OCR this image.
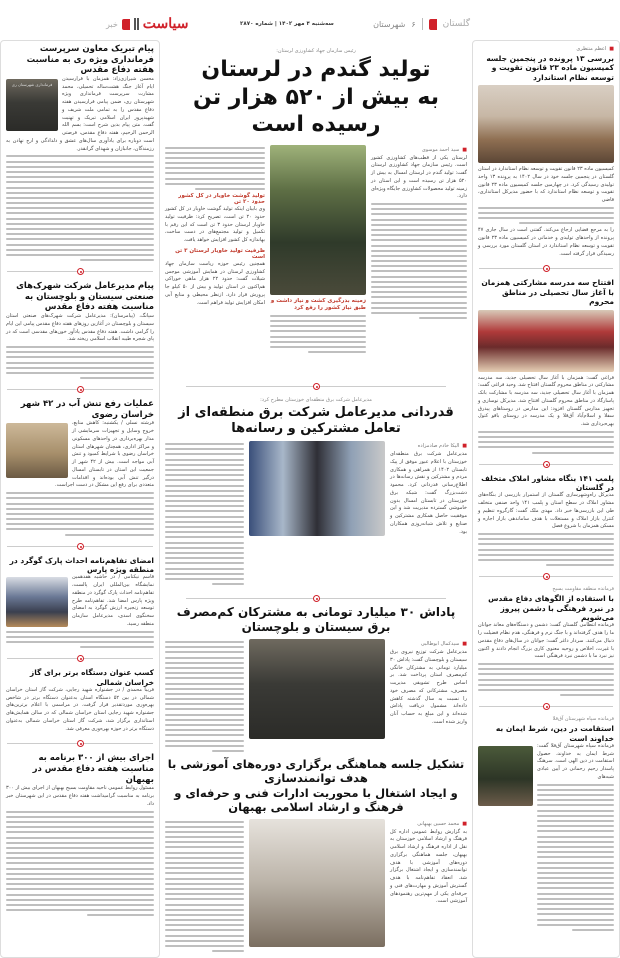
گلستان
۶
شهرستان
سه‌شنبه ۴ مهر ۱۴۰۲ | شماره ۲۸۷۰
سیاست
خبر
■
اعظم منتظری
بررسی ۱۳ پرونده در پنجمین جلسه کمیسیون ماده ۲۳ قانون تقویت و توسعه نظام استاندارد
کمیسیون ماده ۲۳ قانون تقویت و توسعه نظام استاندارد در استان گلستان در پنجمین جلسه خود در سال ۱۴۰۲ به پرونده ۱۳ واحد تولیدی رسیدگی کرد. در چهارمین جلسه کمیسیون ماده ۲۳ قانون تقویت و توسعه نظام استاندارد که با حضور مدیرکل استانداری، قاضی
را به مرجع قضایی ارجاع می‌کند. گفتنی است در سال جاری ۴۷ پرونده از واحدهای تولیدی و خدماتی در کمیسیون ماده ۲۳ قانون تقویت و توسعه نظام استاندارد در استان گلستان مورد بررسی و رسیدگی قرار گرفته است.
افتتاح سه مدرسه مشارکتی همزمان با آغاز سال تحصیلی در مناطق محروم
فراغی گفت: همزمان با آغاز سال تحصیلی جدید، سه مدرسه مشارکتی در مناطق محروم گلستان افتتاح شد. وحید فراغی گفت: همزمان با آغاز سال تحصیلی جدید، سه مدرسه با مشارکت بانک پاسارگاد در مناطق محروم گلستان افتتاح شد. مدیرکل نوسازی و تجهیز مدارس گلستان افزود: این مدارس در روستاهای پیدرق سفلا و اسلام‌آباد آق‌قلا و یک مدرسه در روستای باقو کتول بهره‌برداری شد.
پلمب ۱۴۱ بنگاه مشاور املاک متخلف در گلستان
مدیرکل راه‌وشهرسازی گلستان از استمرار بازرسی از بنگاه‌های مشاور املاک در سطح استان و پلمب ۱۴۱ واحد صنفی متخلف طی این بازرسی‌ها خبر داد. مهدی ملک گفت: گارگروه تنظیم و کنترل بازار املاک و مستغلات با هدف ساماندهی بازار اجاره و مسکن همزمان با شروع فصل
فرمانده منطقه مقاومت بسیج
با استفاده از الگوهای دفاع مقدس در نبرد فرهنگی با دشمن پیروز می‌شویم
فرمانده انتظامی گلستان گفت: دشمن و دستگاه‌های معاند جوانان ما را هدف گرفته‌اند و با جنگ نرم و فرهنگی، هدم نظام فضیلت را دنبال می‌کنند. سردار داغر گفت: جوانان در سال‌های دفاع مقدس با غیرت، اخلاص و روحیه معنوی کاری بزرگ انجام دادند و اکنون نیز نبرد ما با دشمن نبرد فرهنگی است
فرمانده سپاه شهرستان آق‌قلا
استقامت در دین، شرط ایمان به خداوند است
فرمانده سپاه شهرستان آق‌قلا گفت: شرط ایمان به خداوند، حصول استقامت در دین الهی است. سرهنگ پاسدار رحیم رحمانی در آیین عبادی شبه‌های
رئیس سازمان جهاد کشاورزی لرستان:
تولید گندم در لرستان
به بیش از ۵۲۰ هزار تن رسیده است
■
سید احمد موسوی
لرستان یکی از قطب‌های کشاورزی کشور است. رئیس سازمان جهاد کشاورزی لرستان گفت: تولید گندم در لرستان امسال به بیش از ۵۲۰ هزار تن رسیده است و این استان در زمینه تولید محصولات کشاورزی جایگاه ویژه‌ای دارد.
زمینه بذرگیری کشت و نیاز داشت و طبق نیاز کشور را رفع کرد
تولید گوشت خاویار در کل کشور حدود ۲۰ تن
وی بابیان اینکه تولید گوشت خاویار در کل کشور حدود ۲۰ تن است، تصریح کرد: ظرفیت تولید خاویار لرستان حدود ۳ تن است که این رقم با تکمیل و تولید مجتمع‌های در دست ساخت، بهاندازه کل کشور افزایش خواهد یافت.
ظرفیت تولید خاویار لرستان ۳ تن است
همچنین رئیس حوزه ریاست سازمان جهاد کشاورزی لرستان در همایش آموزشی موجس شیلات گفت: حدود ۲۲ هزار ماهی خوراکی هم‌اکنون در استان تولید و بیش از ۵۰ کیلو جا پرورش قرار دارد. ازنظر محیطی و منابع آبی امکان افزایش تولید فراهم است.
مدیرعامل شرکت برق منطقه‌ای خوزستان مطرح کرد:
قدردانی مدیرعامل شرکت برق منطقه‌ای از تعامل مشترکین و رسانه‌ها
■
الیکا خادم صادمزاده
مدیرعامل شرکت برق منطقه‌ای خوزستان با اعلام عبور موفق از پیک تابستان ۱۴۰۲ از همراهی و همکاری مردم و مشترکین و نقش رسانه‌ها در اطلاع‌رسانی قدردانی کرد. محمود دشت‌بزرگ گفت: شبکه برق خوزستان در تابستان امسال بدون خاموشی گسترده مدیریت شد و این موفقیت حاصل همکاری مشترکین و صنایع و تلاش شبانه‌روزی همکاران بود.
پاداش ۳۰ میلیارد تومانی به مشترکان کم‌مصرف برق سیستان و بلوچستان
■
سیدکمال ابوطالبی
مدیرعامل شرکت توزیع نیروی برق سیستان و بلوچستان گفت: پاداش ۳۰ میلیارد تومانی به مشترکان خانگی کم‌مصرف استان پرداخت شد. بر اساس طرح تشویقی مدیریت مصرف، مشترکانی که مصرف خود را نسبت به سال گذشته کاهش داده‌اند مشمول دریافت پاداش شده‌اند و این مبلغ به حساب آنان واریز شده است.
تشکیل جلسه هماهنگی برگزاری دوره‌های آموزشی با هدف توانمندسازی
و ایجاد اشتغال با محوریت ادارات فنی و حرفه‌ای و فرهنگ و ارشاد اسلامی بهبهان
■
محمد حسین بهبهانی
به گزارش روابط عمومی اداره کل فرهنگ و ارشاد اسلامی خوزستان به نقل از اداره فرهنگ و ارشاد اسلامی بهبهان، جلسه هماهنگی برگزاری دوره‌های آموزشی با هدف توانمندسازی و ایجاد اشتغال برگزار شد. انعقاد تفاهم‌نامه با هدف گسترش آموزش و مهارت‌های فنی و حرفه‌ای یکی از مهم‌ترین رهنمودهای آموزشی است.
پیام تبریک معاون سرپرست فرمانداری ویژه ری به مناسبت هفته دفاع مقدس
فرمانداری شهرستان ری
محسن شیرازی‌زاد: همزمان با فرارسیدن ایام آغاز جنگ هشت‌ساله تحمیلی، محمد مشارت سرپرست فرمانداری ویژه شهرستان ری، ضمن پیامی فرارسیدن هفته دفاع مقدس را به تمامی ملت شریف و شهیدپرور ایران اسلامی تبریک و تهنیت گفت. متن پیام بدین شرح است: بسم الله الرحمن الرحیم، هفته دفاع مقدس، فرصتی است دوباره برای یادآوری سال‌های عشق و دلدادگی و ارج نهادن به رزمندگان، جانبازان و شهدای گرانقدر.
پیام مدیرعامل شرکت شهرک‌های صنعتی سیستان و بلوچستان به مناسبت هفته دفاع مقدس
سپانگ، (پیامرسان): مدیرعامل شرکت شهرک‌های صنعتی استان سیستان و بلوچستان در آغازین روزهای هفته دفاع مقدس پیامی این ایام را گرامی داشت. هفته دفاع مقدس یادآور خون‌های مقدسی است که در پای شجره طیبه انقلاب اسلامی ریخته شد.
عملیات رفع تنش آب در ۴۲ شهر خراسان رضوی
فرشته نسلی / یکشنبه: کاهش منابع، خروج وسایل و تجهیزات سرمایشی از مدار بهره‌برداری در واحدهای مسکونی و مراکز اداری، همچنان شهرهای استان خراسان رضوی با شرایط کمبود و تنش آبی مواجه است. بیش از ۴۲ شهر از جمعیت این استان در تابستان امسال درگیر تنش آبی بوده‌اند و اقدامات متعددی برای رفع این مشکل در دست اجراست.
امضای تفاهم‌نامه احداث پارک گوگرد در منطقه ویژه پارس
قاسم نیکنامی / در حاشیه هفدهمین نمایشگاه بین‌المللی ایران پالست، تفاهم‌نامه احداث پارک گوگرد در منطقه ویژه پارس امضا شد. تفاهم‌نامه طرح توسعه زنجیره ارزش گوگرد به امضای سخنگوی اسدی، مدیرعامل سازمان منطقه رسید.
کسب عنوان دستگاه برتر برای گاز خراسان شمالی
فریبا محمدی / در جشنواره شهید رجایی، شرکت گاز استان خراسان شمالی در بین ۵۲ دستگاه استان به‌عنوان دستگاه برتر در شاخص بهره‌وری موردتقدیر قرار گرفت. در مراسمی با اعلام برترین‌های جشنواره شهید رجایی استان خراسان شمالی که در سالن همایش‌های استانداری برگزار شد، شرکت گاز استان خراسان شمالی به‌عنوان دستگاه برتر در حوزه بهره‌وری معرفی شد.
اجرای بیش از ۳۰۰ برنامه به مناسبت هفته دفاع مقدس در بهبهان
مسئول روابط عمومی ناحیه مقاومت بسیج بهبهان از اجرای بیش از ۳۰۰ برنامه به مناسبت گرامیداشت هفته دفاع مقدس در این شهرستان خبر داد.
